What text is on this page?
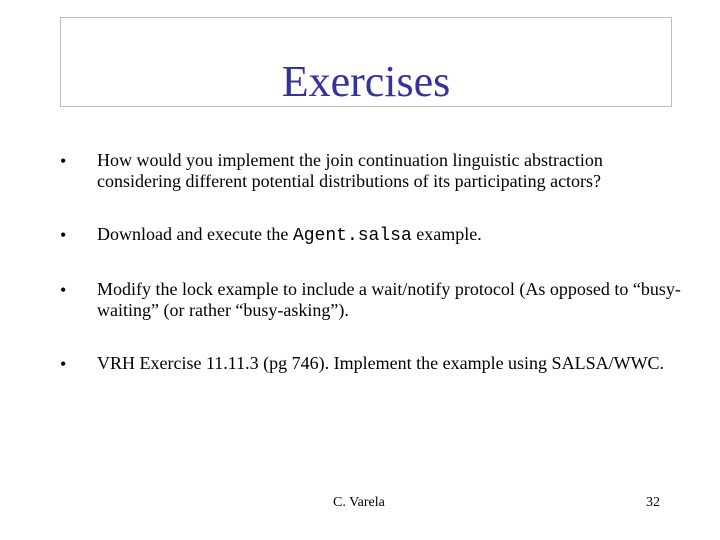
Exercises
• How would you implement the join continuation linguistic abstraction considering different potential distributions of its participating actors?
• Download and execute the Agent.salsa example.
• Modify the lock example to include a wait/notify protocol (As opposed to “busy-waiting” (or rather “busy-asking”).
• VRH Exercise 11.11.3 (pg 746). Implement the example using SALSA/WWC.
C. Varela	32
